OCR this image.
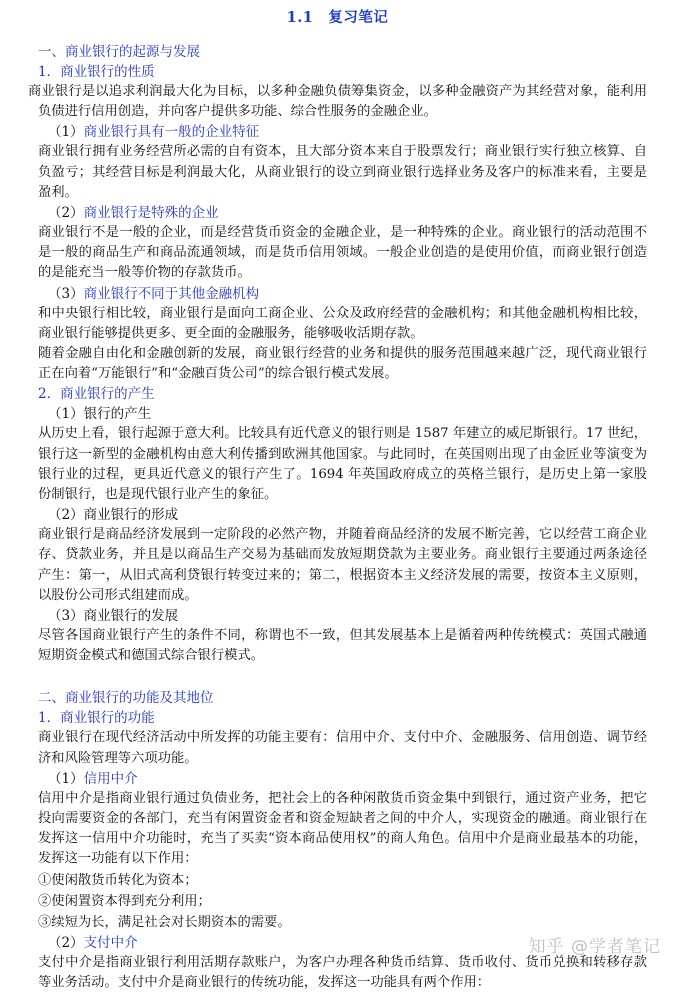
1.1　复习笔记
一、商业银行的起源与发展
1．商业银行的性质

商业银行是以追求利润最大化为目标，以多种金融负债筹集资金，以多种金融资产为其经营对象，能利用负债进行信用创造，并向客户提供多功能、综合性服务的金融企业。

（1）商业银行具有一般的企业特征

商业银行拥有业务经营所必需的自有资本，且大部分资本来自于股票发行；商业银行实行独立核算、自负盈亏；其经营目标是利润最大化，从商业银行的设立到商业银行选择业务及客户的标准来看，主要是盈利。

（2）商业银行是特殊的企业

商业银行不是一般的企业，而是经营货币资金的金融企业，是一种特殊的企业。商业银行的活动范围不是一般的商品生产和商品流通领域，而是货币信用领域。一般企业创造的是使用价值，而商业银行创造的是能充当一般等价物的存款货币。

（3）商业银行不同于其他金融机构

和中央银行相比较，商业银行是面向工商企业、公众及政府经营的金融机构；和其他金融机构相比较，商业银行能够提供更多、更全面的金融服务，能够吸收活期存款。

随着金融自由化和金融创新的发展，商业银行经营的业务和提供的服务范围越来越广泛，现代商业银行正在向着“万能银行”和“金融百货公司”的综合银行模式发展。

2．商业银行的产生
（1）银行的产生

从历史上看，银行起源于意大利。比较具有近代意义的银行则是 1587 年建立的威尼斯银行。17 世纪，银行这一新型的金融机构由意大利传播到欧洲其他国家。与此同时，在英国则出现了由金匠业等演变为银行业的过程，更具近代意义的银行产生了。1694 年英国政府成立的英格兰银行，是历史上第一家股份制银行，也是现代银行业产生的象征。

（2）商业银行的形成

商业银行是商品经济发展到一定阶段的必然产物，并随着商品经济的发展不断完善，它以经营工商企业存、贷款业务，并且是以商品生产交易为基础而发放短期贷款为主要业务。商业银行主要通过两条途径产生：第一，从旧式高利贷银行转变过来的；第二，根据资本主义经济发展的需要，按资本主义原则，以股份公司形式组建而成。

（3）商业银行的发展

尽管各国商业银行产生的条件不同，称谓也不一致，但其发展基本上是循着两种传统模式：英国式融通短期资金模式和德国式综合银行模式。

二、商业银行的功能及其地位
1．商业银行的功能

商业银行在现代经济活动中所发挥的功能主要有：信用中介、支付中介、金融服务、信用创造、调节经济和风险管理等六项功能。

（1）信用中介

信用中介是指商业银行通过负债业务，把社会上的各种闲散货币资金集中到银行，通过资产业务，把它投向需要资金的各部门，充当有闲置资金者和资金短缺者之间的中介人，实现资金的融通。商业银行在发挥这一信用中介功能时，充当了买卖“资本商品使用权”的商人角色。信用中介是商业最基本的功能，发挥这一功能有以下作用：

①使闲散货币转化为资本；
②使闲置资本得到充分利用；
③续短为长，满足社会对长期资本的需要。
（2）支付中介

支付中介是指商业银行利用活期存款账户，为客户办理各种货币结算、货币收付、货币兑换和转移存款等业务活动。支付中介是商业银行的传统功能，发挥这一功能具有两个作用：

知乎 @学者笔记
